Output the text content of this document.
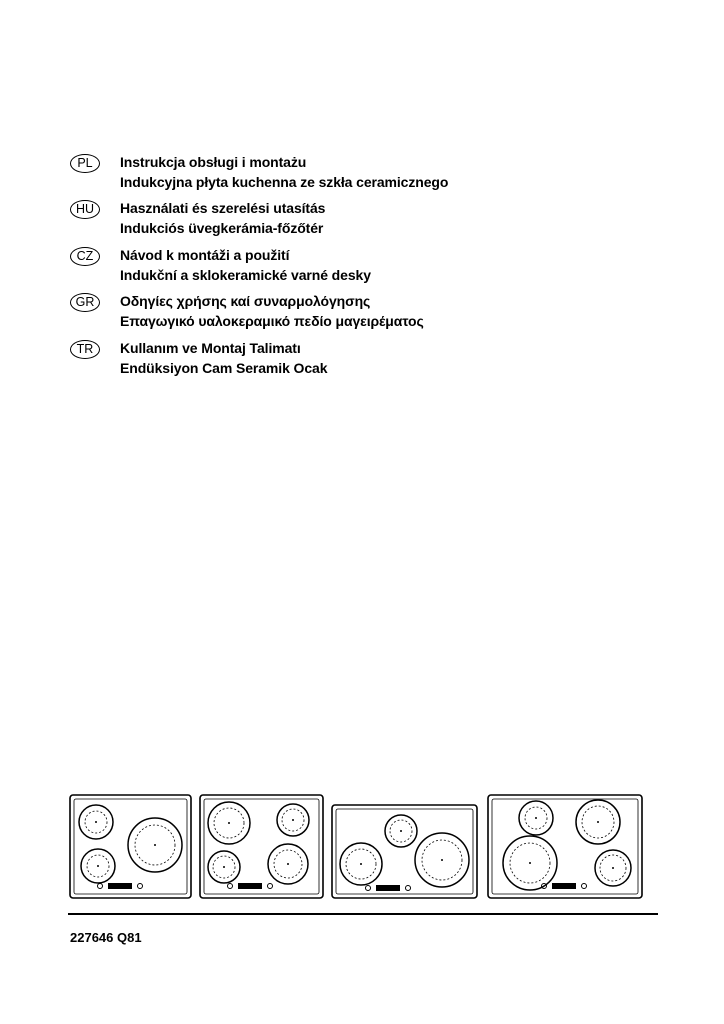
PL	Instrukcja obsługi i montażu
Indukcyjna płyta kuchenna ze szkła ceramicznego
HU	Használati és szerelési utasítás
Indukciós üvegkerámia-főzőtér
CZ	Návod k montáži a použití
Indukční a sklokeramické varné desky
GR	Οδηγίες χρήσης καί συναρμολόγησης
Επαγωγικό υαλοκεραμικό πεδίο μαγειρέματος
TR	Kullanım ve Montaj Talimatı
Endüksiyon Cam Seramik Ocak
227646 Q81
